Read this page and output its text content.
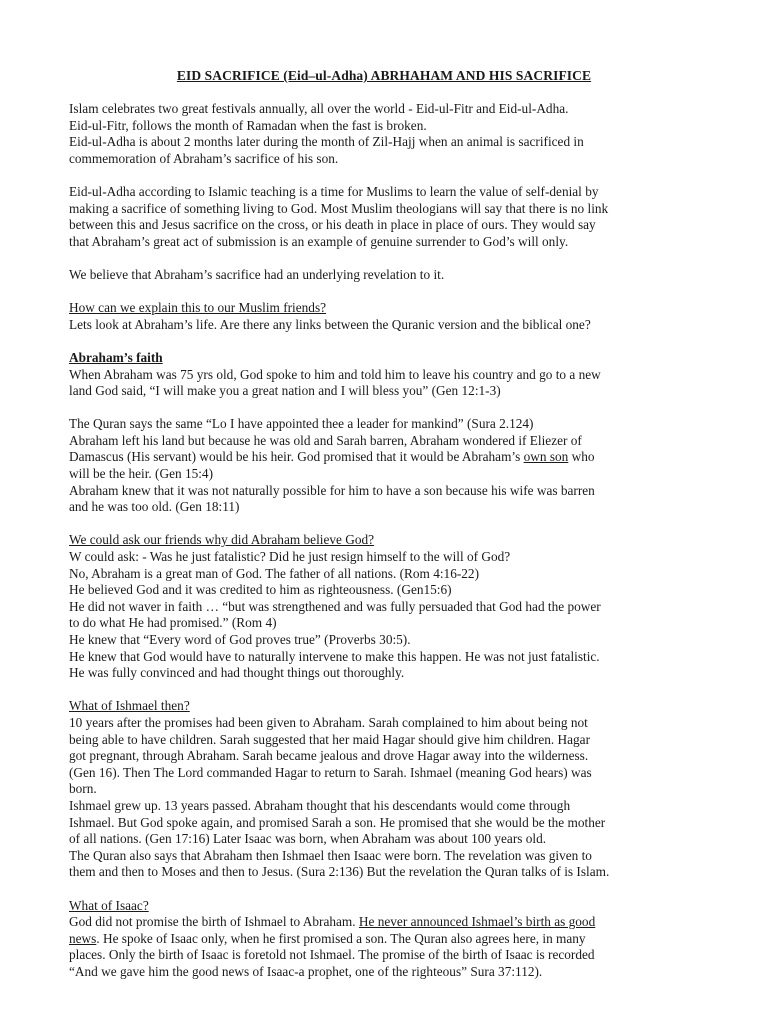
EID SACRIFICE (Eid–ul-Adha) ABRHAHAM AND HIS SACRIFICE
Islam celebrates two great festivals annually, all over the world - Eid-ul-Fitr and Eid-ul-Adha.
Eid-ul-Fitr, follows the month of Ramadan when the fast is broken.
Eid-ul-Adha is about 2 months later during the month of Zil-Hajj when an animal is sacrificed in
commemoration of Abraham’s sacrifice of his son.
Eid-ul-Adha according to Islamic teaching is a time for Muslims to learn the value of self-denial by
making a sacrifice of something living to God. Most Muslim theologians will say that there is no link
between this and Jesus sacrifice on the cross, or his death in place in place of ours. They would say
that Abraham’s great act of submission is an example of genuine surrender to God’s will only.
We believe that Abraham’s sacrifice had an underlying revelation to it.
How can we explain this to our Muslim friends?
Lets look at Abraham’s life. Are there any links between the Quranic version and the biblical one?
Abraham’s faith
When Abraham was 75 yrs old, God spoke to him and told him to leave his country and go to a new
land God said, “I will make you a great nation and I will bless you” (Gen 12:1-3)
The Quran says the same “Lo I have appointed thee a leader for mankind” (Sura 2.124)
Abraham left his land but because he was old and Sarah barren, Abraham wondered if Eliezer of
Damascus (His servant) would be his heir. God promised that it would be Abraham’s own son who
will be the heir. (Gen 15:4)
Abraham knew that it was not naturally possible for him to have a son because his wife was barren
and he was too old. (Gen 18:11)
We could ask our friends why did Abraham believe God?
W could ask: - Was he just fatalistic? Did he just resign himself to the will of God?
No, Abraham is a great man of God. The father of all nations. (Rom 4:16-22)
He believed God and it was credited to him as righteousness. (Gen15:6)
He did not waver in faith … “but was strengthened and was fully persuaded that God had the power
to do what He had promised.” (Rom 4)
He knew that “Every word of God proves true” (Proverbs 30:5).
He knew that God would have to naturally intervene to make this happen. He was not just fatalistic.
He was fully convinced and had thought things out thoroughly.
What of Ishmael then?
10 years after the promises had been given to Abraham. Sarah complained to him about being not
being able to have children. Sarah suggested that her maid Hagar should give him children. Hagar
got pregnant, through Abraham. Sarah became jealous and drove Hagar away into the wilderness.
(Gen 16). Then The Lord commanded Hagar to return to Sarah. Ishmael (meaning God hears) was
born.
Ishmael grew up. 13 years passed. Abraham thought that his descendants would come through
Ishmael. But God spoke again, and promised Sarah a son. He promised that she would be the mother
of all nations. (Gen 17:16) Later Isaac was born, when Abraham was about 100 years old.
The Quran also says that Abraham then Ishmael then Isaac were born. The revelation was given to
them and then to Moses and then to Jesus. (Sura 2:136) But the revelation the Quran talks of is Islam.
What of Isaac?
God did not promise the birth of Ishmael to Abraham. He never announced Ishmael’s birth as good
news. He spoke of Isaac only, when he first promised a son. The Quran also agrees here, in many
places. Only the birth of Isaac is foretold not Ishmael. The promise of the birth of Isaac is recorded
“And we gave him the good news of Isaac-a prophet, one of the righteous” Sura 37:112).
